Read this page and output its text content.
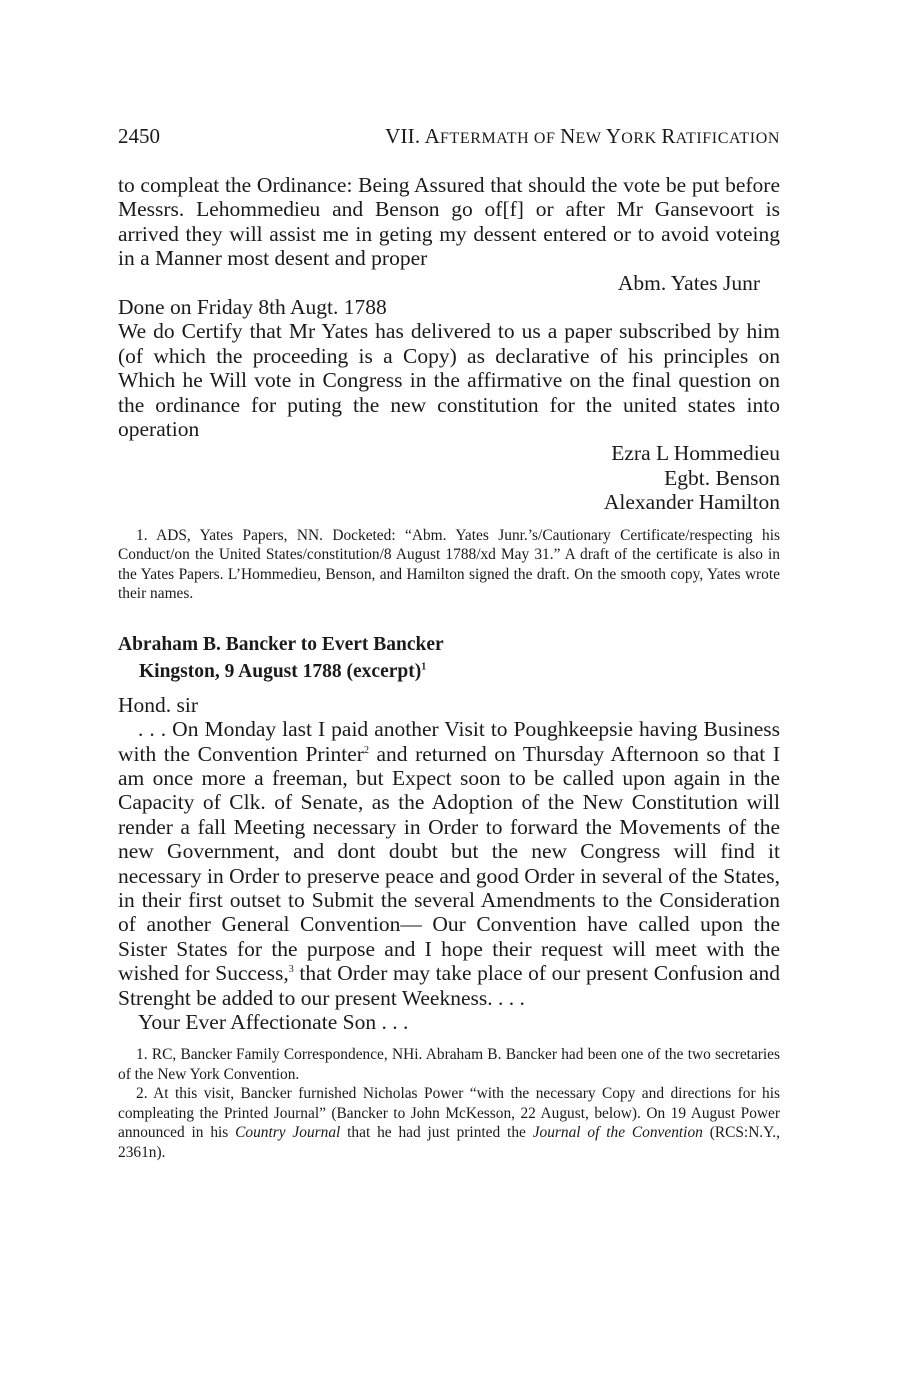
2450	VII. AFTERMATH OF NEW YORK RATIFICATION

to compleat the Ordinance: Being Assured that should the vote be put before Messrs. Lehommedieu and Benson go of[f] or after Mr Gansevoort is arrived they will assist me in geting my dessent entered or to avoid voteing in a Manner most desent and proper

Abm. Yates Junr

Done on Friday 8th Augt. 1788

We do Certify that Mr Yates has delivered to us a paper subscribed by him (of which the proceeding is a Copy) as declarative of his principles on Which he Will vote in Congress in the affirmative on the final question on the ordinance for puting the new constitution for the united states into operation

Ezra L Hommedieu

Egbt. Benson

Alexander Hamilton

1. ADS, Yates Papers, NN. Docketed: “Abm. Yates Junr.’s/Cautionary Certificate/respecting his Conduct/on the United States/constitution/8 August 1788/xd May 31.” A draft of the certificate is also in the Yates Papers. L’Hommedieu, Benson, and Hamilton signed the draft. On the smooth copy, Yates wrote their names.

Abraham B. Bancker to Evert Bancker
Kingston, 9 August 1788 (excerpt)$^1$

Hond. sir

. . . On Monday last I paid another Visit to Poughkeepsie having Business with the Convention Printer$^2$ and returned on Thursday Afternoon so that I am once more a freeman, but Expect soon to be called upon again in the Capacity of Clk. of Senate, as the Adoption of the New Constitution will render a fall Meeting necessary in Order to forward the Movements of the new Government, and dont doubt but the new Congress will find it necessary in Order to preserve peace and good Order in several of the States, in their first outset to Submit the several Amendments to the Consideration of another General Convention— Our Convention have called upon the Sister States for the purpose and I hope their request will meet with the wished for Success,$^3$ that Order may take place of our present Confusion and Strenght be added to our present Weekness. . . .

Your Ever Affectionate Son . . .

1. RC, Bancker Family Correspondence, NHi. Abraham B. Bancker had been one of the two secretaries of the New York Convention.

2. At this visit, Bancker furnished Nicholas Power “with the necessary Copy and directions for his compleating the Printed Journal” (Bancker to John McKesson, 22 August, below). On 19 August Power announced in his Country Journal that he had just printed the Journal of the Convention (RCS:N.Y., 2361n).
